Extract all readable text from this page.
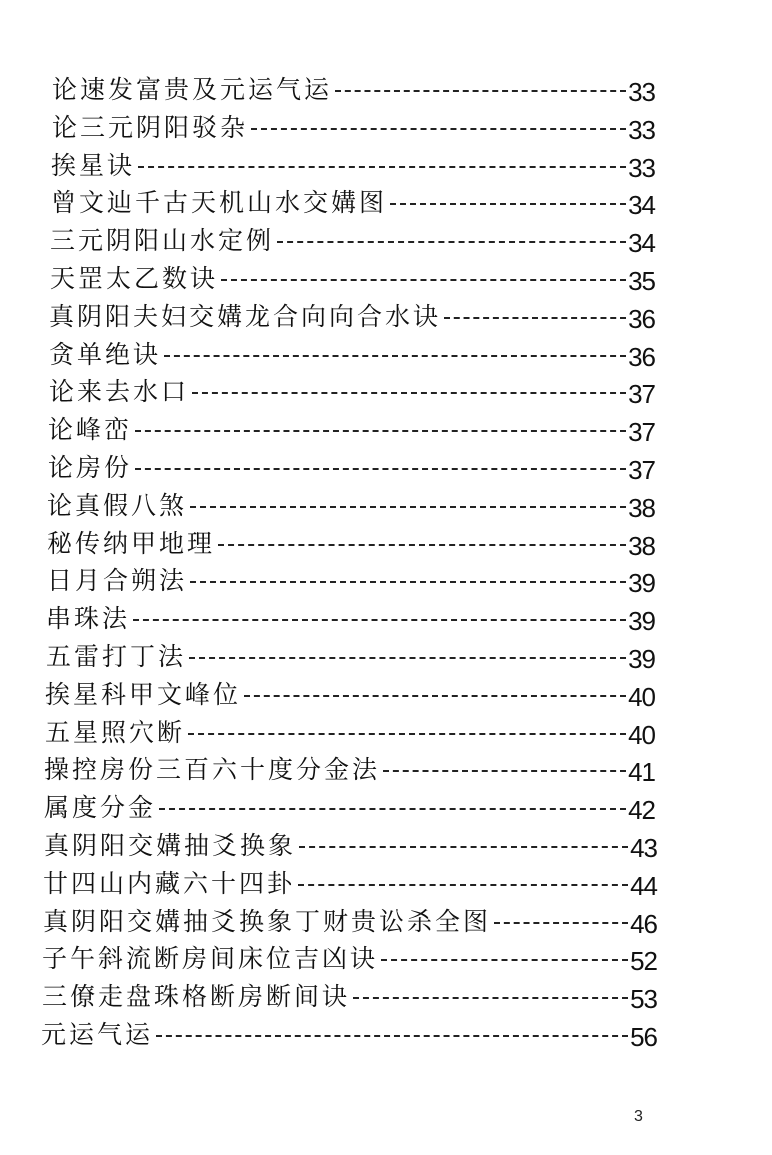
论速发富贵及元运气运	33
论三元阴阳驳杂	33
挨星诀	33
曾文辿千古天机山水交媾图	34
三元阴阳山水定例	34
天罡太乙数诀	35
真阴阳夫妇交媾龙合向向合水诀	36
贪单绝诀	36
论来去水口	37
论峰峦	37
论房份	37
论真假八煞	38
秘传纳甲地理	38
日月合朔法	39
串珠法	39
五雷打丁法	39
挨星科甲文峰位	40
五星照穴断	40
操控房份三百六十度分金法	41
属度分金	42
真阴阳交媾抽爻换象	43
廿四山内藏六十四卦	44
真阴阳交媾抽爻换象丁财贵讼杀全图	46
子午斜流断房间床位吉凶诀	52
三僚走盘珠格断房断间诀	53
元运气运	56
3
